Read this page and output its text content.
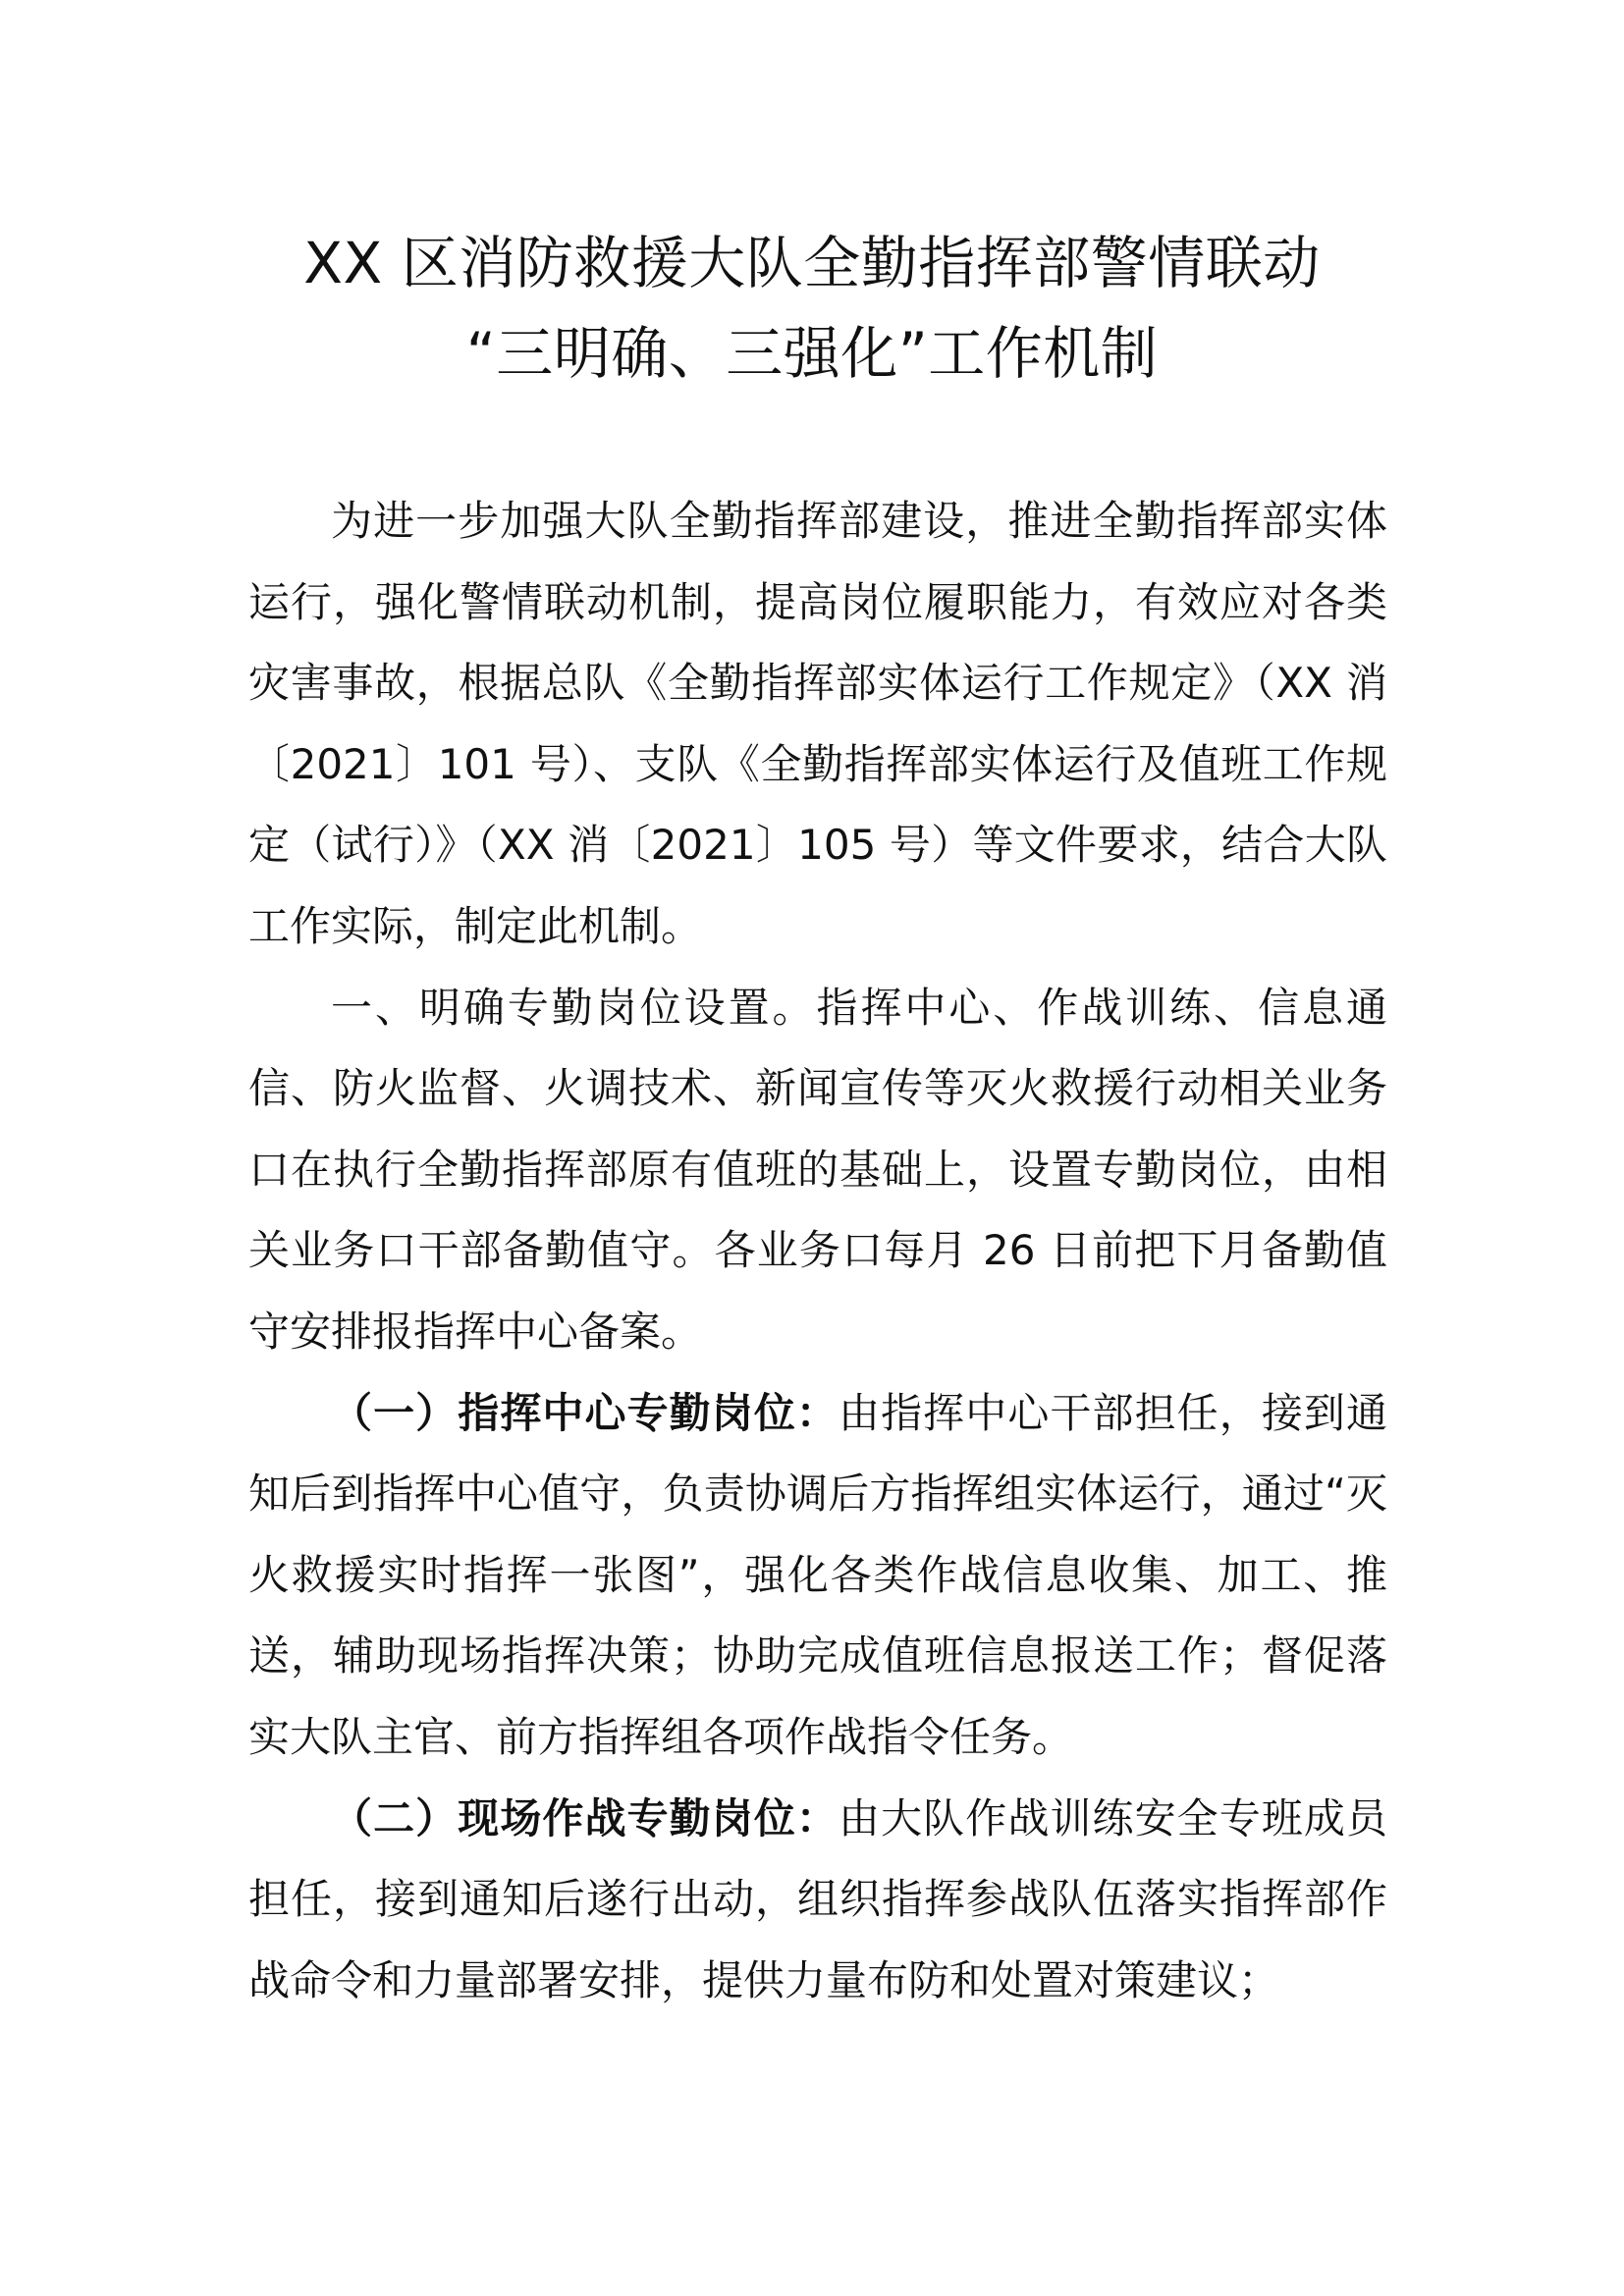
XX 区消防救援大队全勤指挥部警情联动
“三明确、三强化”工作机制

为进一步加强大队全勤指挥部建设，推进全勤指挥部实体运行，强化警情联动机制，提高岗位履职能力，有效应对各类灾害事故，根据总队《全勤指挥部实体运行工作规定》（XX 消〔2021〕101 号）、支队《全勤指挥部实体运行及值班工作规定（试行）》（XX 消〔2021〕105 号）等文件要求，结合大队工作实际，制定此机制。

一、明确专勤岗位设置。指挥中心、作战训练、信息通信、防火监督、火调技术、新闻宣传等灭火救援行动相关业务口在执行全勤指挥部原有值班的基础上，设置专勤岗位，由相关业务口干部备勤值守。各业务口每月 26 日前把下月备勤值守安排报指挥中心备案。

（一）指挥中心专勤岗位：由指挥中心干部担任，接到通知后到指挥中心值守，负责协调后方指挥组实体运行，通过“灭火救援实时指挥一张图”，强化各类作战信息收集、加工、推送，辅助现场指挥决策；协助完成值班信息报送工作；督促落实大队主官、前方指挥组各项作战指令任务。

（二）现场作战专勤岗位：由大队作战训练安全专班成员担任，接到通知后遂行出动，组织指挥参战队伍落实指挥部作战命令和力量部署安排，提供力量布防和处置对策建议；
